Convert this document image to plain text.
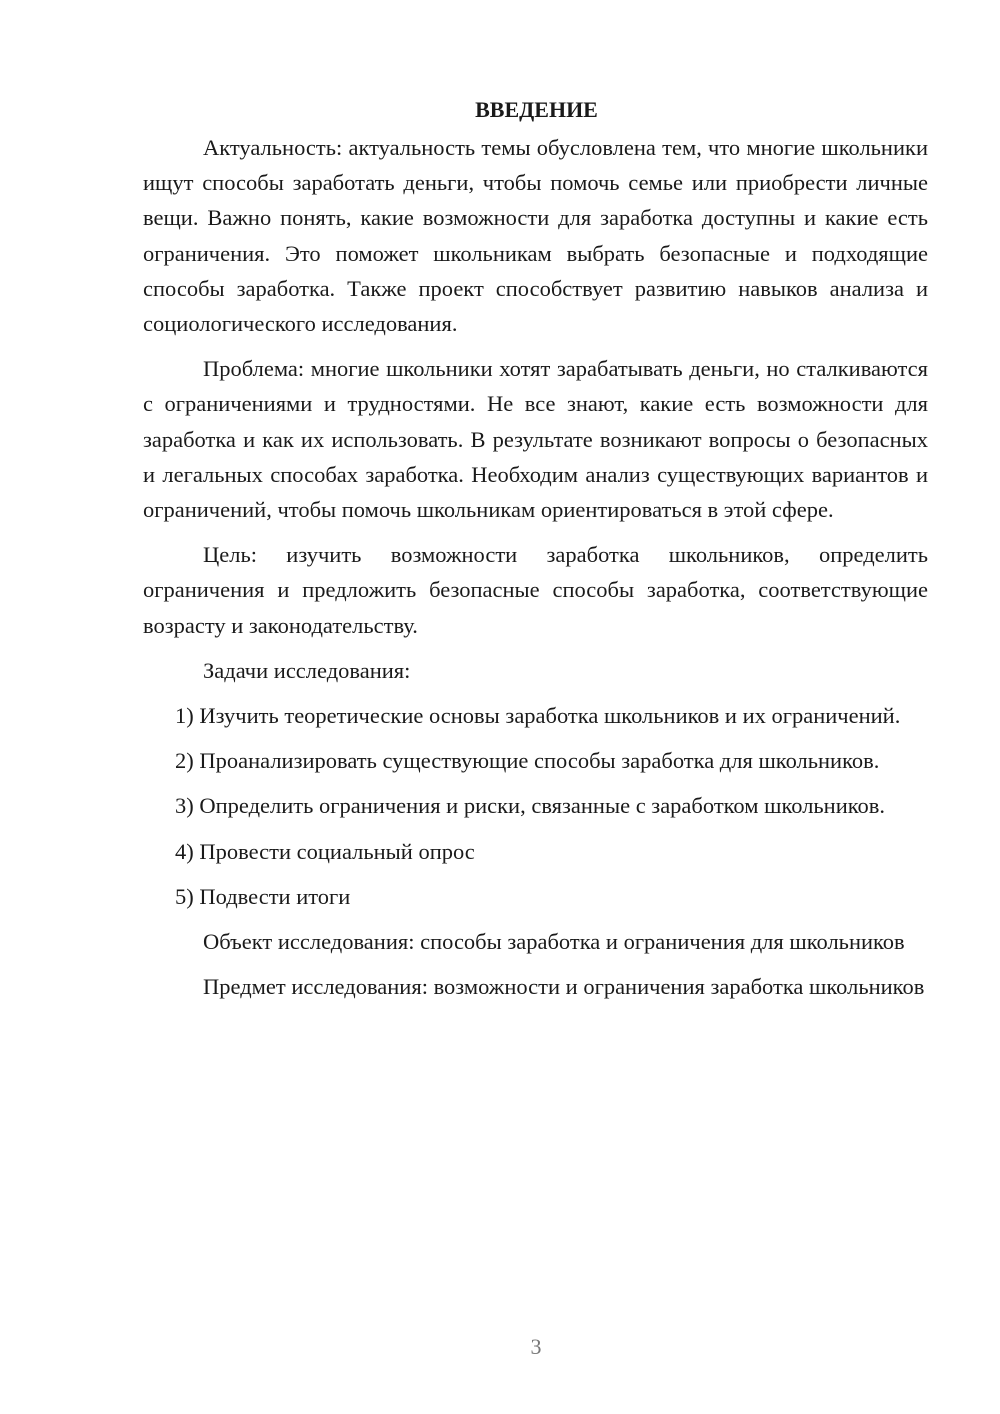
ВВЕДЕНИЕ

Актуальность: актуальность темы обусловлена тем, что многие школьники ищут способы заработать деньги, чтобы помочь семье или приобрести личные вещи. Важно понять, какие возможности для заработка доступны и какие есть ограничения. Это поможет школьникам выбрать безопасные и подходящие способы заработка. Также проект способствует развитию навыков анализа и социологического исследования.

Проблема: многие школьники хотят зарабатывать деньги, но сталкиваются с ограничениями и трудностями. Не все знают, какие есть возможности для заработка и как их использовать. В результате возникают вопросы о безопасных и легальных способах заработка. Необходим анализ существующих вариантов и ограничений, чтобы помочь школьникам ориентироваться в этой сфере.

Цель: изучить возможности заработка школьников, определить ограничения и предложить безопасные способы заработка, соответствующие возрасту и законодательству.

Задачи исследования:

1) Изучить теоретические основы заработка школьников и их ограничений.

2) Проанализировать существующие способы заработка для школьников.

3) Определить ограничения и риски, связанные с заработком школьников.

4) Провести социальный опрос

5) Подвести итоги

Объект исследования: способы заработка и ограничения для школьников

Предмет исследования: возможности и ограничения заработка школьников

3
